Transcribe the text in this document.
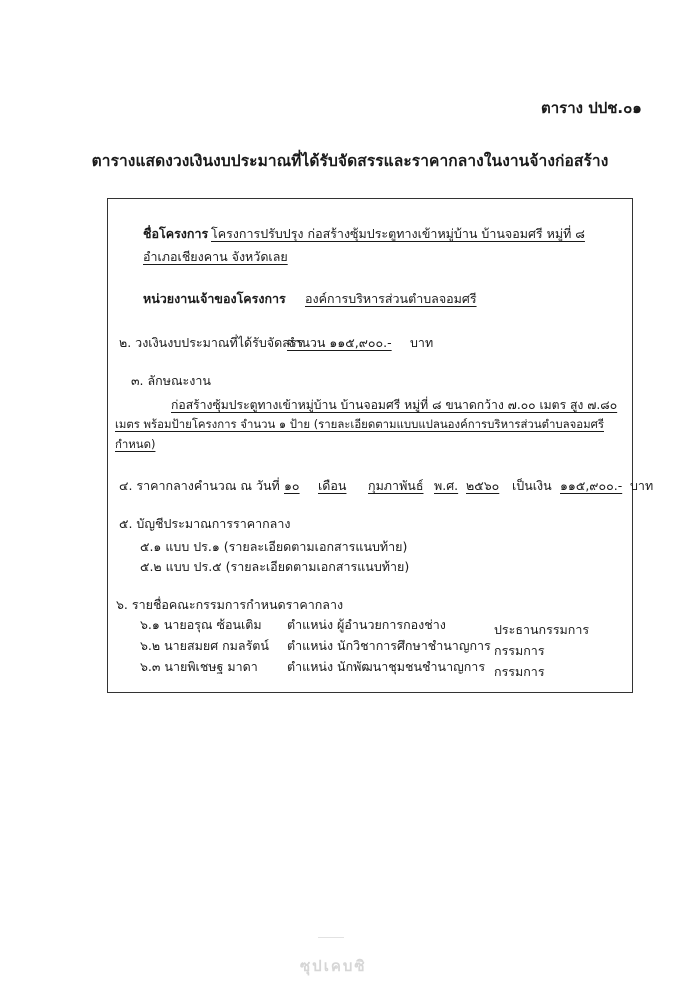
ตาราง ปปช.๐๑
ตารางแสดงวงเงินงบประมาณที่ได้รับจัดสรรและราคากลางในงานจ้างก่อสร้าง
ชื่อโครงการ โครงการปรับปรุง ก่อสร้างซุ้มประตูทางเข้าหมู่บ้าน บ้านจอมศรี หมู่ที่ ๘
อำเภอเชียงคาน จังหวัดเลย
หน่วยงานเจ้าของโครงการ องค์การบริหารส่วนตำบลจอมศรี
๒. วงเงินงบประมาณที่ได้รับจัดสรร
จำนวน ๑๑๕,๙๐๐.- บาท
๓. ลักษณะงาน
ก่อสร้างซุ้มประตูทางเข้าหมู่บ้าน บ้านจอมศรี หมู่ที่ ๘ ขนาดกว้าง ๗.๐๐ เมตร สูง ๗.๘๐
เมตร พร้อมป้ายโครงการ จำนวน ๑ ป้าย (รายละเอียดตามแบบแปลนองค์การบริหารส่วนตำบลจอมศรี
กำหนด)
๔. ราคากลางคำนวณ ณ วันที่ ๑๐ เดือน กุมภาพันธ์ พ.ศ. ๒๕๖๐ เป็นเงิน ๑๑๕,๙๐๐.- บาท
๕. บัญชีประมาณการราคากลาง
๕.๑ แบบ ปร.๑ (รายละเอียดตามเอกสารแนบท้าย)
๕.๒ แบบ ปร.๕ (รายละเอียดตามเอกสารแนบท้าย)
๖. รายชื่อคณะกรรมการกำหนดราคากลาง
๖.๑ นายอรุณ ซ้อนเติม ตำแหน่ง ผู้อำนวยการกองช่าง	ประธานกรรมการ
๖.๒ นายสมยศ กมลรัตน์ ตำแหน่ง นักวิชาการศึกษาชำนาญการ กรรมการ
๖.๓ นายพิเชษฐ มาดา ตำแหน่ง นักพัฒนาชุมชนชำนาญการ กรรมการ
ซุปเคบซิ
